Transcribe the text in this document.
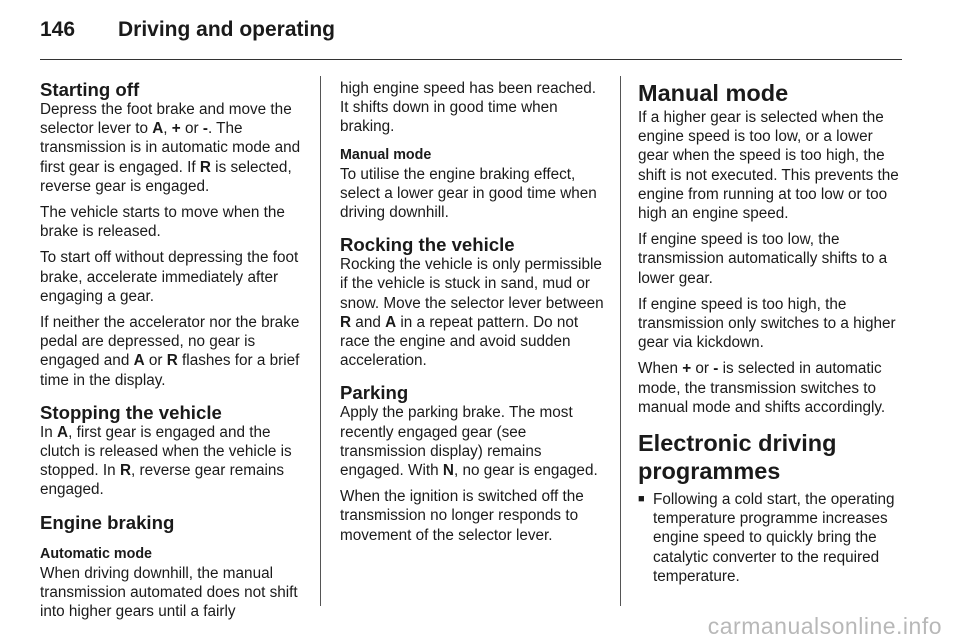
146 Driving and operating
Starting off

Depress the foot brake and move the selector lever to A, + or -. The transmission is in automatic mode and first gear is engaged. If R is selected, reverse gear is engaged.

The vehicle starts to move when the brake is released.

To start off without depressing the foot brake, accelerate immediately after engaging a gear.

If neither the accelerator nor the brake pedal are depressed, no gear is engaged and A or R flashes for a brief time in the display.

Stopping the vehicle

In A, first gear is engaged and the clutch is released when the vehicle is stopped. In R, reverse gear remains engaged.

Engine braking
Automatic mode

When driving downhill, the manual transmission automated does not shift into higher gears until a fairly

high engine speed has been reached. It shifts down in good time when braking.

Manual mode

To utilise the engine braking effect, select a lower gear in good time when driving downhill.

Rocking the vehicle

Rocking the vehicle is only permissible if the vehicle is stuck in sand, mud or snow. Move the selector lever between R and A in a repeat pattern. Do not race the engine and avoid sudden acceleration.

Parking

Apply the parking brake. The most recently engaged gear (see transmission display) remains engaged. With N, no gear is engaged.

When the ignition is switched off the transmission no longer responds to movement of the selector lever.

Manual mode

If a higher gear is selected when the engine speed is too low, or a lower gear when the speed is too high, the shift is not executed. This prevents the engine from running at too low or too high an engine speed.

If engine speed is too low, the transmission automatically shifts to a lower gear.

If engine speed is too high, the transmission only switches to a higher gear via kickdown.

When + or - is selected in automatic mode, the transmission switches to manual mode and shifts accordingly.

Electronic driving programmes
■ Following a cold start, the operating temperature programme increases engine speed to quickly bring the catalytic converter to the required temperature.
carmanualsonline.info
